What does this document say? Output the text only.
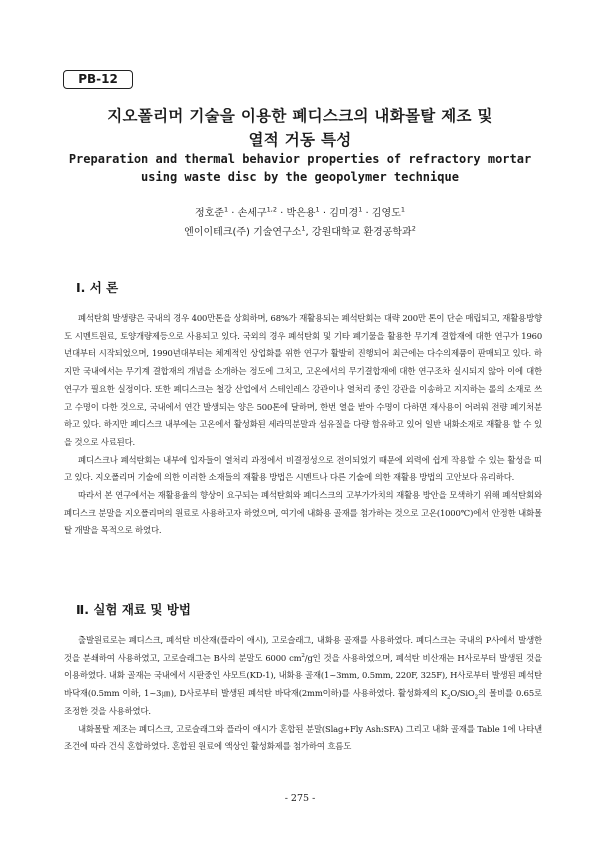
PB-12
지오폴리머 기술을 이용한 폐디스크의 내화몰탈 제조 및
열적 거동 특성
Preparation and thermal behavior properties of refractory mortar
using waste disc by the geopolymer technique
정호준$^1$ · 손세구$^{1,2}$ · 박은용$^1$ · 김미경$^1$ · 김영도$^1$
엔이이테크(주) 기술연구소$^1$, 강원대학교 환경공학과$^2$
Ⅰ. 서 론

폐석탄회 발생량은 국내의 경우 400만톤을 상회하며, 68%가 재활용되는 폐석탄회는 대략 200만 톤이 단순 매립되고, 재활용방향도 시멘트원료, 토양개량제등으로 사용되고 있다. 국외의 경우 폐석탄회 및 기타 폐기물을 활용한 무기계 결합재에 대한 연구가 1960년대부터 시작되었으며, 1990년대부터는 체계적인 상업화를 위한 연구가 활발히 진행되어 최근에는 다수의제품이 판매되고 있다. 하지만 국내에서는 무기계 결합재의 개념을 소개하는 정도에 그치고, 고온에서의 무기결합재에 대한 연구조차 실시되지 않아 이에 대한 연구가 필요한 실정이다. 또한 폐디스크는 철강 산업에서 스테인레스 강관이나 열처리 중인 강관을 이송하고 지지하는 롤의 소재로 쓰고 수명이 다한 것으로, 국내에서 연간 발생되는 양은 500톤에 달하며, 한번 열을 받아 수명이 다하면 재사용이 어려워 전량 폐기처분하고 있다. 하지만 폐디스크 내부에는 고온에서 활성화된 세라믹분말과 섬유질을 다량 함유하고 있어 일반 내화소재로 재활용 할 수 있을 것으로 사료된다.

폐디스크나 폐석탄회는 내부에 입자들이 열처리 과정에서 비결정성으로 전이되었기 때문에 외력에 쉽게 작용할 수 있는 활성을 띠고 있다. 지오폴리머 기술에 의한 이러한 소재들의 재활용 방법은 시멘트나 다른 기술에 의한 재활용 방법의 고안보다 유리하다.

따라서 본 연구에서는 재활용율의 향상이 요구되는 폐석탄회와 폐디스크의 고부가가치의 재활용 방안을 모색하기 위해 폐석탄회와 폐디스크 분말을 지오폴리머의 원료로 사용하고자 하였으며, 여기에 내화용 골재를 첨가하는 것으로 고온(1000℃)에서 안정한 내화몰탈 개발을 목적으로 하였다.

Ⅱ. 실험 재료 및 방법

출발원료로는 폐디스크, 폐석탄 비산재(플라이 애시), 고로슬래그, 내화용 골재를 사용하였다. 폐디스크는 국내의 P사에서 발생한 것을 분쇄하여 사용하였고, 고로슬래그는 B사의 분말도 6000 $cm^2/g$인 것을 사용하였으며, 폐석탄 비산재는 H사로부터 발생된 것을 이용하였다. 내화 골재는 국내에서 시판중인 샤모트(KD-1), 내화용 골재(1~3mm, 0.5mm, 220F, 325F), H사로부터 발생된 폐석탄 바닥재(0.5mm 이하, 1~3㎛), D사로부터 발생된 폐석탄 바닥재(2mm이하)를 사용하였다. 활성화제의 $K_2O/SiO_2$의 몰비를 0.65로 조정한 것을 사용하였다.

내화몰탈 제조는 폐디스크, 고로슬래그와 플라이 애시가 혼합된 분말(Slag+Fly Ash:SFA) 그리고 내화 골재를 Table 1에 나타낸 조건에 따라 건식 혼합하였다. 혼합된 원료에 액상인 활성화제를 첨가하여 흐름도

- 275 -
